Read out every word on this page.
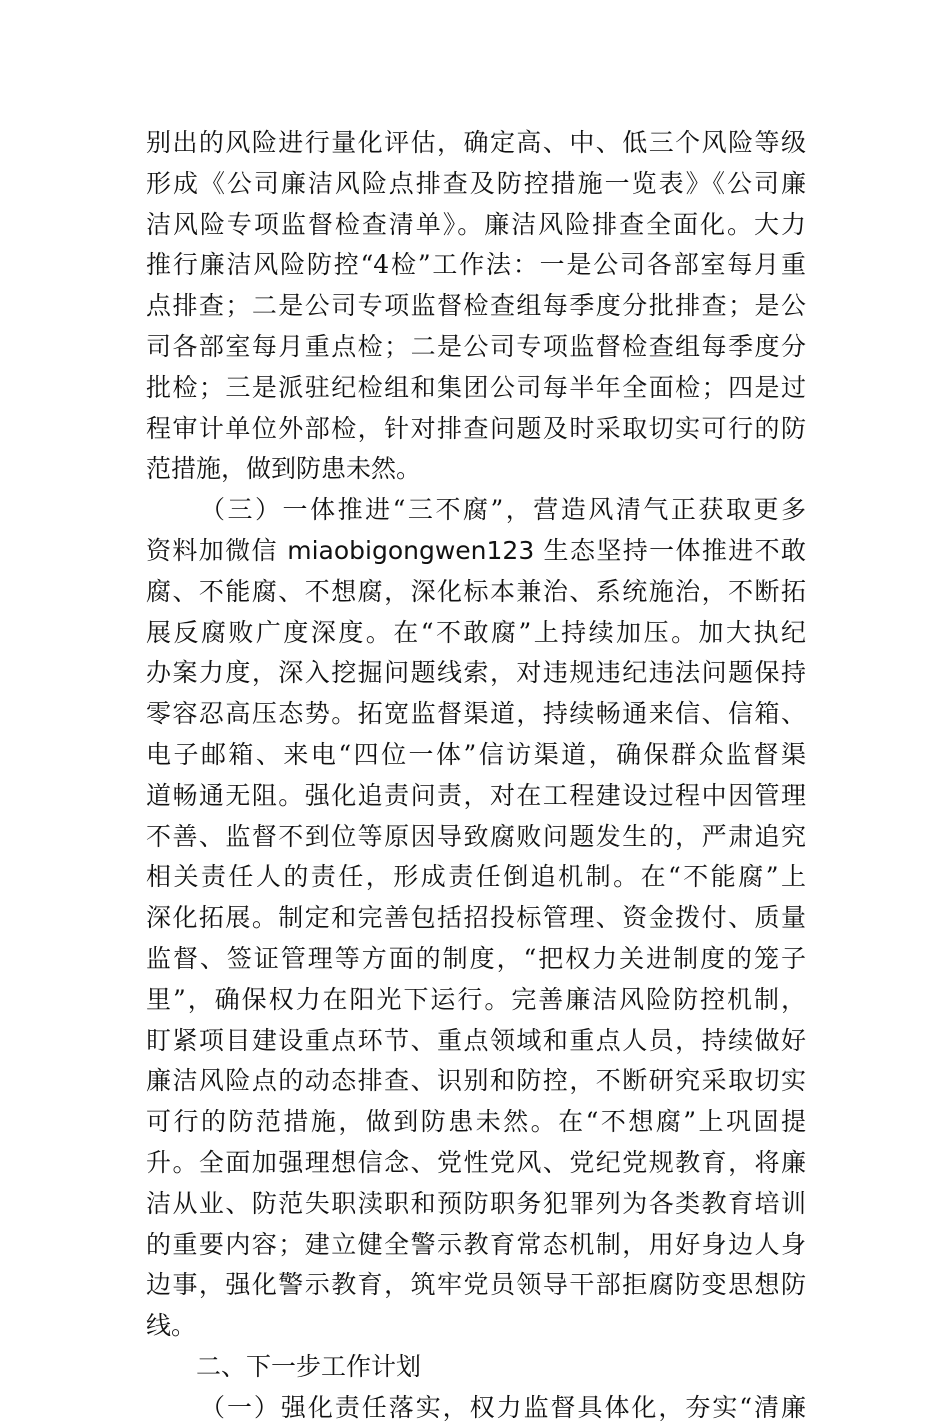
别出的风险进行量化评估，确定高、中、低三个风险等级
形成《公司廉洁风险点排查及防控措施一览表》《公司廉
洁风险专项监督检查清单》。廉洁风险排查全面化。大力
推行廉洁风险防控“4检”工作法：一是公司各部室每月重
点排查；二是公司专项监督检查组每季度分批排查；是公
司各部室每月重点检；二是公司专项监督检查组每季度分
批检；三是派驻纪检组和集团公司每半年全面检；四是过
程审计单位外部检，针对排查问题及时采取切实可行的防
范措施，做到防患未然。
（三）一体推进“三不腐”，营造风清气正获取更多
资料加微信 miaobigongwen123 生态坚持一体推进不敢
腐、不能腐、不想腐，深化标本兼治、系统施治，不断拓
展反腐败广度深度。在“不敢腐”上持续加压。加大执纪
办案力度，深入挖掘问题线索，对违规违纪违法问题保持
零容忍高压态势。拓宽监督渠道，持续畅通来信、信箱、
电子邮箱、来电“四位一体”信访渠道，确保群众监督渠
道畅通无阻。强化追责问责，对在工程建设过程中因管理
不善、监督不到位等原因导致腐败问题发生的，严肃追究
相关责任人的责任，形成责任倒追机制。在“不能腐”上
深化拓展。制定和完善包括招投标管理、资金拨付、质量
监督、签证管理等方面的制度，“把权力关进制度的笼子
里”，确保权力在阳光下运行。完善廉洁风险防控机制，
盯紧项目建设重点环节、重点领域和重点人员，持续做好
廉洁风险点的动态排查、识别和防控，不断研究采取切实
可行的防范措施，做到防患未然。在“不想腐”上巩固提
升。全面加强理想信念、党性党风、党纪党规教育，将廉
洁从业、防范失职渎职和预防职务犯罪列为各类教育培训
的重要内容；建立健全警示教育常态机制，用好身边人身
边事，强化警示教育，筑牢党员领导干部拒腐防变思想防
线。
二、下一步工作计划
（一）强化责任落实，权力监督具体化，夯实“清廉
